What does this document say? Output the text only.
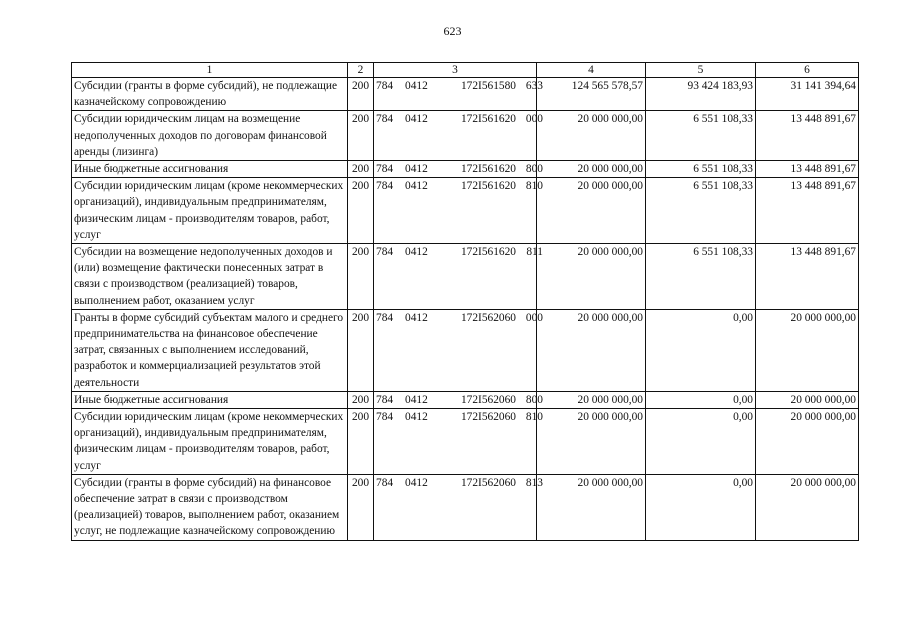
623
1	2	3	4	5	6
Субсидии (гранты в форме субсидий), не подлежащие казначейскому сопровождению	200	784 0412 172I561580 633	124 565 578,57	93 424 183,93	31 141 394,64
Субсидии юридическим лицам на возмещение недополученных доходов по договорам финансовой аренды (лизинга)	200	784 0412 172I561620 000	20 000 000,00	6 551 108,33	13 448 891,67
Иные бюджетные ассигнования	200	784 0412 172I561620 800	20 000 000,00	6 551 108,33	13 448 891,67
Субсидии юридическим лицам (кроме некоммерческих организаций), индивидуальным предпринимателям, физическим лицам - производителям товаров, работ, услуг	200	784 0412 172I561620 810	20 000 000,00	6 551 108,33	13 448 891,67
Субсидии на возмещение недополученных доходов и (или) возмещение фактически понесенных затрат в связи с производством (реализацией) товаров, выполнением работ, оказанием услуг	200	784 0412 172I561620 811	20 000 000,00	6 551 108,33	13 448 891,67
Гранты в форме субсидий субъектам малого и среднего предпринимательства на финансовое обеспечение затрат, связанных с выполнением исследований, разработок и коммерциализацией результатов этой деятельности	200	784 0412 172I562060 000	20 000 000,00	0,00	20 000 000,00
Иные бюджетные ассигнования	200	784 0412 172I562060 800	20 000 000,00	0,00	20 000 000,00
Субсидии юридическим лицам (кроме некоммерческих организаций), индивидуальным предпринимателям, физическим лицам - производителям товаров, работ, услуг	200	784 0412 172I562060 810	20 000 000,00	0,00	20 000 000,00
Субсидии (гранты в форме субсидий) на финансовое обеспечение затрат в связи с производством (реализацией) товаров, выполнением работ, оказанием услуг, не подлежащие казначейскому сопровождению	200	784 0412 172I562060 813	20 000 000,00	0,00	20 000 000,00
